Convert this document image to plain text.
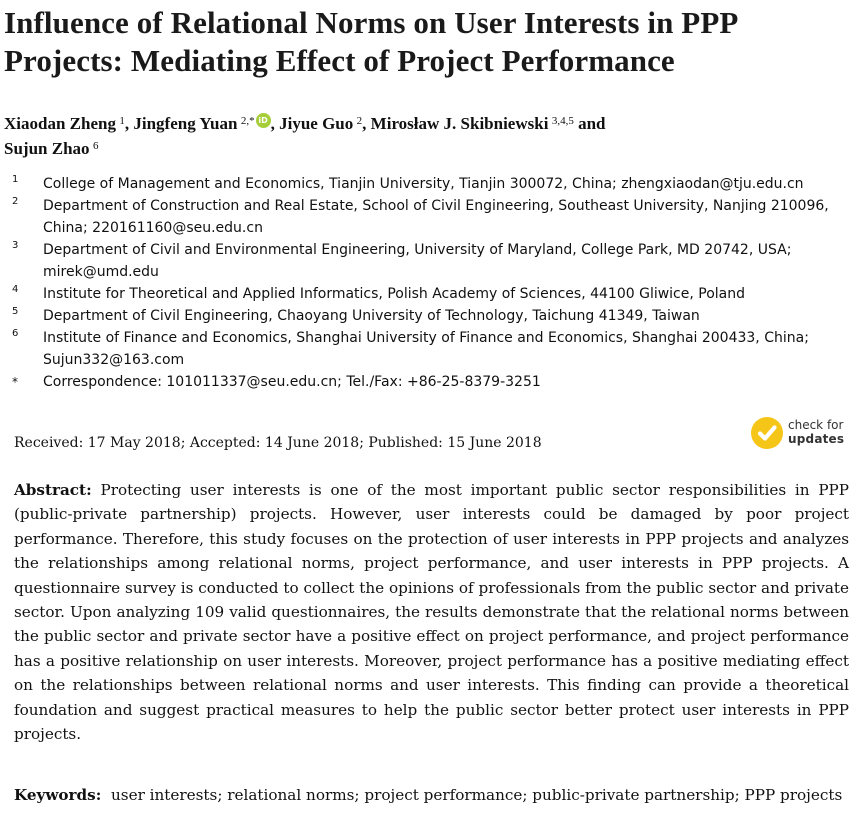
Influence of Relational Norms on User Interests in PPP Projects: Mediating Effect of Project Performance
Xiaodan Zheng  $^1$, Jingfeng Yuan  $^{2,*}$ iD , Jiyue Guo  $^2$, Mirosław J. Skibniewski  $^{3,4,5}$ and
Sujun Zhao  $^6$
1 College of Management and Economics, Tianjin University, Tianjin 300072, China; zhengxiaodan@tju.edu.cn
2 Department of Construction and Real Estate, School of Civil Engineering, Southeast University, Nanjing 210096, China; 220161160@seu.edu.cn
3 Department of Civil and Environmental Engineering, University of Maryland, College Park, MD 20742, USA; mirek@umd.edu
4 Institute for Theoretical and Applied Informatics, Polish Academy of Sciences, 44100 Gliwice, Poland
5 Department of Civil Engineering, Chaoyang University of Technology, Taichung 41349, Taiwan
6 Institute of Finance and Economics, Shanghai University of Finance and Economics, Shanghai 200433, China; Sujun332@163.com
* Correspondence: 101011337@seu.edu.cn; Tel./Fax: +86-25-8379-3251
Received: 17 May 2018; Accepted: 14 June 2018; Published: 15 June 2018
check for
updates
Abstract: Protecting user interests is one of the most important public sector responsibilities in PPP (public-private partnership) projects. However, user interests could be damaged by poor project performance. Therefore, this study focuses on the protection of user interests in PPP projects and analyzes the relationships among relational norms, project performance, and user interests in PPP projects. A questionnaire survey is conducted to collect the opinions of professionals from the public sector and private sector. Upon analyzing 109 valid questionnaires, the results demonstrate that the relational norms between the public sector and private sector have a positive effect on project performance, and project performance has a positive relationship on user interests. Moreover, project performance has a positive mediating effect on the relationships between relational norms and user interests. This finding can provide a theoretical foundation and suggest practical measures to help the public sector better protect user interests in PPP projects.
Keywords: user interests; relational norms; project performance; public-private partnership; PPP projects
